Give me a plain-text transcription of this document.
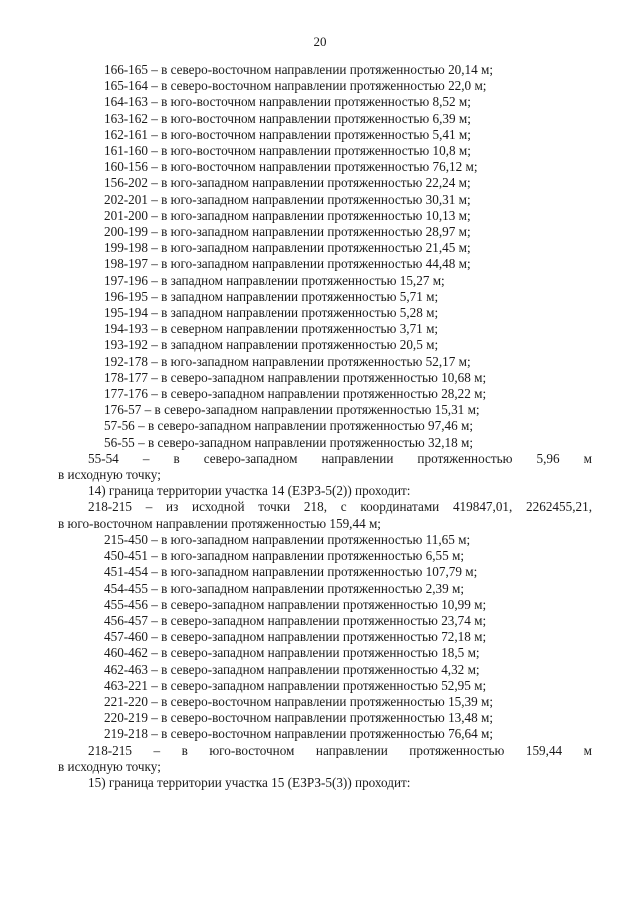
20

166-165 – в северо-восточном направлении протяженностью 20,14 м;

165-164 – в северо-восточном направлении протяженностью 22,0 м;

164-163 – в юго-восточном направлении протяженностью 8,52 м;

163-162 – в юго-восточном направлении протяженностью 6,39 м;

162-161 – в юго-восточном направлении протяженностью 5,41 м;

161-160 – в юго-восточном направлении протяженностью 10,8 м;

160-156 – в юго-восточном направлении протяженностью 76,12 м;

156-202 – в юго-западном направлении протяженностью 22,24 м;

202-201 – в юго-западном направлении протяженностью 30,31 м;

201-200 – в юго-западном направлении протяженностью 10,13 м;

200-199 – в юго-западном направлении протяженностью 28,97 м;

199-198 – в юго-западном направлении протяженностью 21,45 м;

198-197 – в юго-западном направлении протяженностью 44,48 м;

197-196 – в западном направлении протяженностью 15,27 м;

196-195 – в западном направлении протяженностью 5,71 м;

195-194 – в западном направлении протяженностью 5,28 м;

194-193 – в северном направлении протяженностью 3,71 м;

193-192 – в западном направлении протяженностью 20,5 м;

192-178 – в юго-западном направлении протяженностью 52,17 м;

178-177 – в северо-западном направлении протяженностью 10,68 м;

177-176 – в северо-западном направлении протяженностью 28,22 м;

176-57 – в северо-западном направлении протяженностью 15,31 м;

57-56 – в северо-западном направлении протяженностью 97,46 м;

56-55 – в северо-западном направлении протяженностью 32,18 м;

55-54 – в северо-западном направлении протяженностью 5,96 м
в исходную точку;

14) граница территории участка 14 (ЕЗРЗ-5(2)) проходит:

218-215 – из исходной точки 218, с координатами 419847,01, 2262455,21,
в юго-восточном направлении протяженностью 159,44 м;

215-450 – в юго-западном направлении протяженностью 11,65 м;

450-451 – в юго-западном направлении протяженностью 6,55 м;

451-454 – в юго-западном направлении протяженностью 107,79 м;

454-455 – в юго-западном направлении протяженностью 2,39 м;

455-456 – в северо-западном направлении протяженностью 10,99 м;

456-457 – в северо-западном направлении протяженностью 23,74 м;

457-460 – в северо-западном направлении протяженностью 72,18 м;

460-462 – в северо-западном направлении протяженностью 18,5 м;

462-463 – в северо-западном направлении протяженностью 4,32 м;

463-221 – в северо-западном направлении протяженностью 52,95 м;

221-220 – в северо-восточном направлении протяженностью 15,39 м;

220-219 – в северо-восточном направлении протяженностью 13,48 м;

219-218 – в северо-восточном направлении протяженностью 76,64 м;

218-215 – в юго-восточном направлении протяженностью 159,44 м
в исходную точку;

15) граница территории участка 15 (ЕЗРЗ-5(3)) проходит:
